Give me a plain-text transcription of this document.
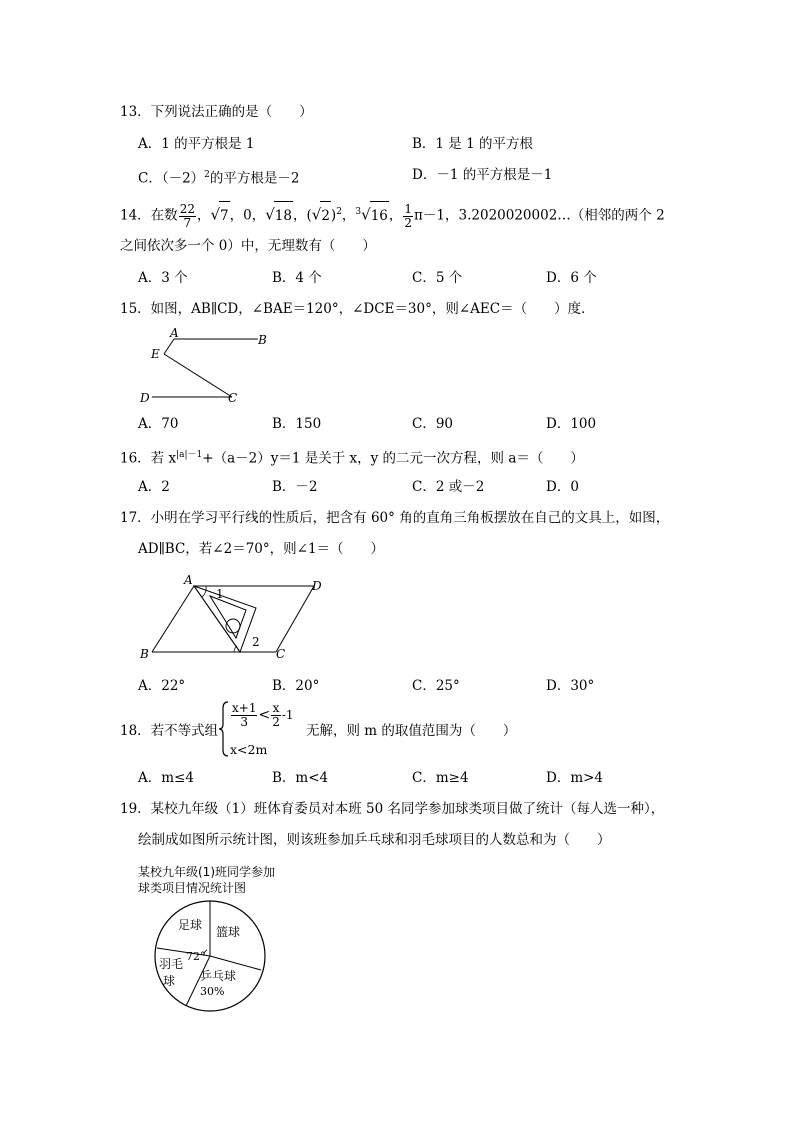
13．下列说法正确的是（　　）
A．1 的平方根是 1	B．1 是 1 的平方根
C．$(-2)^2$的平方根是－2	D．－1 的平方根是－1
14．在数 $\frac{22}{7}$ ，√7，0，√18，$(√2)^2$，$^3$√16， $\frac{1}{2} \pi-1$，3.2020020002…（相邻的两个 2
之间依次多一个 0）中，无理数有（　　）
A．3 个	B．4 个	C．5 个	D．6 个
15．如图，AB∥CD，∠BAE＝120°，∠DCE＝30°，则∠AEC＝（　　）度．
A	B
E
D	C
A．70	B．150	C．90	D．100
16．若 $x^{|a|-1}+(a-2)y=1$ 是关于 x，y 的二元一次方程，则 a＝（　　）
A．2	B．－2	C．2 或－2	D．0
17．小明在学习平行线的性质后，把含有 60° 角的直角三角板摆放在自己的文具上，如图，
AD∥BC，若∠2＝70°，则∠1＝（　　）
A	D
B	C
1
2
A．22°	B．20°	C．25°	D．30°
18．若不等式组
$\frac{x+1}{3} < \frac{x}{2} -1$
x<2m
无解，则 m 的取值范围为（　　）
A．m≤4	B．m<4	C．m≥4	D．m>4
19．某校九年级（1）班体育委员对本班 50 名同学参加球类项目做了统计（每人选一种），
绘制成如图所示统计图，则该班参加乒乓球和羽毛球项目的人数总和为（　　）
某校九年级(1)班同学参加
球类项目情况统计图
足球 篮球
羽毛
球
72°
乒乓球
30%
